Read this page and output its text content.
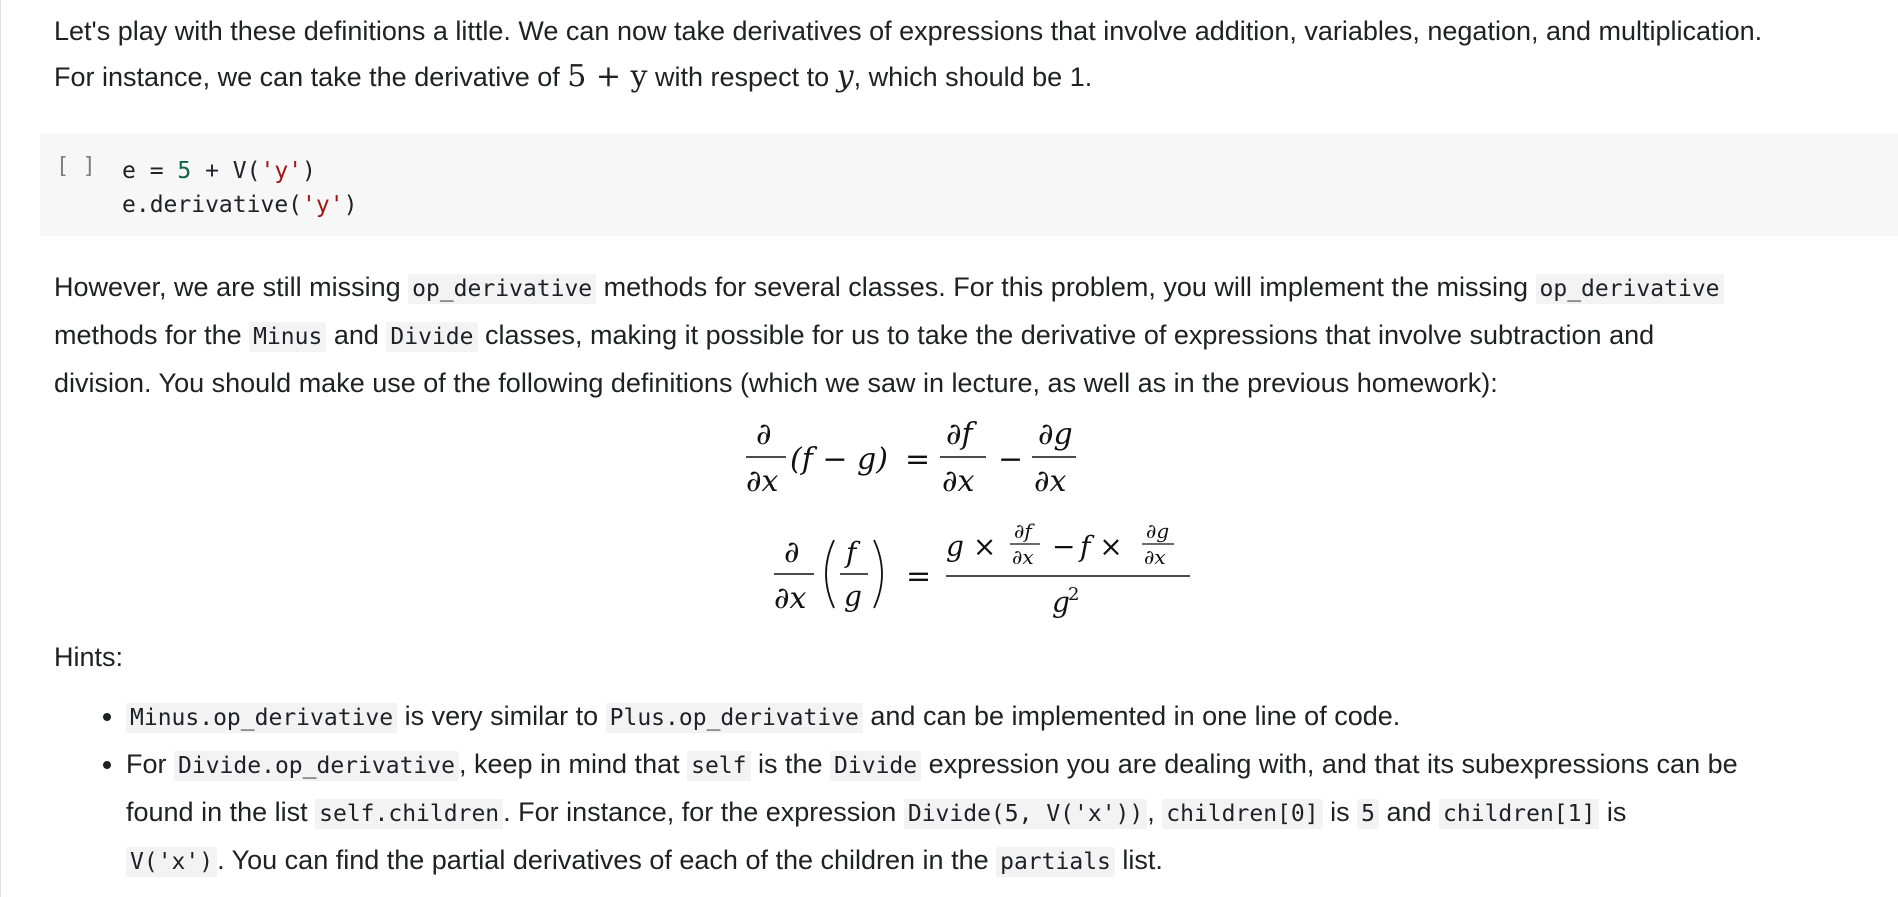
Let's play with these definitions a little. We can now take derivatives of expressions that involve addition, variables, negation, and multiplication.

For instance, we can take the derivative of 5 + y with respect to y, which should be 1.

[ ] e = 5 + V('y')
e.derivative('y')

However, we are still missing op_derivative methods for several classes. For this problem, you will implement the missing op_derivative

methods for the Minus and Divide classes, making it possible for us to take the derivative of expressions that involve subtraction and

division. You should make use of the following definitions (which we saw in lecture, as well as in the previous homework):

∂
∂x
(f − g) =
∂f
∂x
−
∂g
∂x
∂
∂x
f
g
=
g × ∂f
∂x − f × ∂g
∂x
g
2

Hints:

• Minus.op_derivative is very similar to Plus.op_derivative and can be implemented in one line of code.
• For Divide.op_derivative , keep in mind that self is the Divide expression you are dealing with, and that its subexpressions can be
found in the list self.children . For instance, for the expression Divide(5, V('x')) , children[0] is 5 and children[1] is
V('x') . You can find the partial derivatives of each of the children in the partials list.
